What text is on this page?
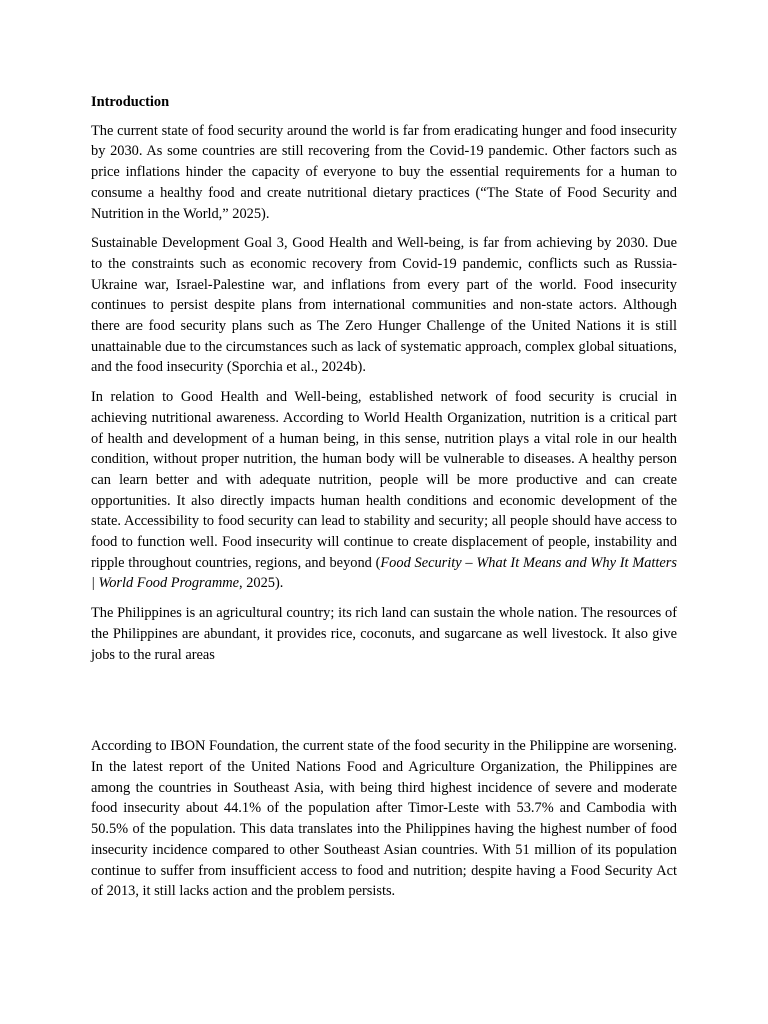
Introduction

The current state of food security around the world is far from eradicating hunger and food insecurity by 2030. As some countries are still recovering from the Covid-19 pandemic. Other factors such as price inflations hinder the capacity of everyone to buy the essential requirements for a human to consume a healthy food and create nutritional dietary practices (“The State of Food Security and Nutrition in the World,” 2025).

Sustainable Development Goal 3, Good Health and Well-being, is far from achieving by 2030. Due to the constraints such as economic recovery from Covid-19 pandemic, conflicts such as Russia-Ukraine war, Israel-Palestine war, and inflations from every part of the world. Food insecurity continues to persist despite plans from international communities and non-state actors. Although there are food security plans such as The Zero Hunger Challenge of the United Nations it is still unattainable due to the circumstances such as lack of systematic approach, complex global situations, and the food insecurity (Sporchia et al., 2024b).

In relation to Good Health and Well-being, established network of food security is crucial in achieving nutritional awareness. According to World Health Organization, nutrition is a critical part of health and development of a human being, in this sense, nutrition plays a vital role in our health condition, without proper nutrition, the human body will be vulnerable to diseases. A healthy person can learn better and with adequate nutrition, people will be more productive and can create opportunities. It also directly impacts human health conditions and economic development of the state. Accessibility to food security can lead to stability and security; all people should have access to food to function well. Food insecurity will continue to create displacement of people, instability and ripple throughout countries, regions, and beyond (Food Security – What It Means and Why It Matters | World Food Programme, 2025).

The Philippines is an agricultural country; its rich land can sustain the whole nation. The resources of the Philippines are abundant, it provides rice, coconuts, and sugarcane as well livestock. It also give jobs to the rural areas

According to IBON Foundation, the current state of the food security in the Philippine are worsening. In the latest report of the United Nations Food and Agriculture Organization, the Philippines are among the countries in Southeast Asia, with being third highest incidence of severe and moderate food insecurity about 44.1% of the population after Timor-Leste with 53.7% and Cambodia with 50.5% of the population. This data translates into the Philippines having the highest number of food insecurity incidence compared to other Southeast Asian countries. With 51 million of its population continue to suffer from insufficient access to food and nutrition; despite having a Food Security Act of 2013, it still lacks action and the problem persists.
